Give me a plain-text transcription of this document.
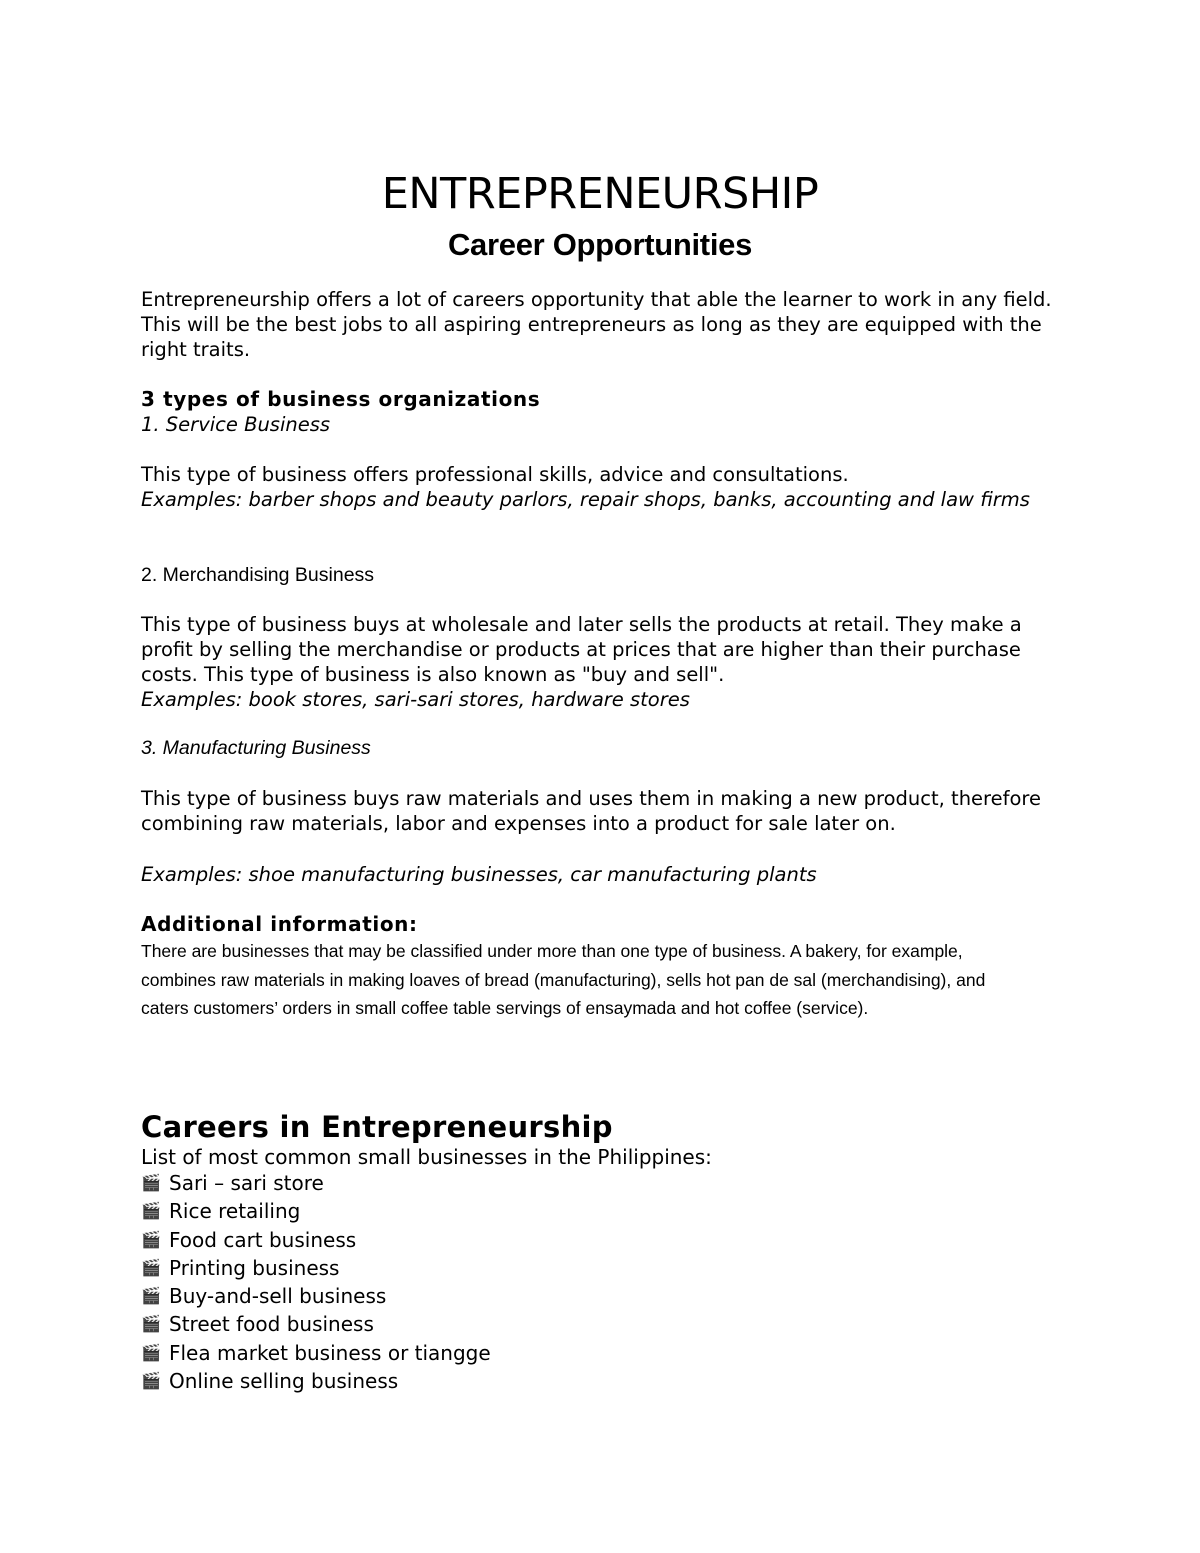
ENTREPRENEURSHIP
Career Opportunities

Entrepreneurship offers a lot of careers opportunity that able the learner to work in any field. This will be the best jobs to all aspiring entrepreneurs as long as they are equipped with the right traits.

3 types of business organizations
1. Service Business

This type of business offers professional skills, advice and consultations.

Examples: barber shops and beauty parlors, repair shops, banks, accounting and law firms

2. Merchandising Business

This type of business buys at wholesale and later sells the products at retail. They make a profit by selling the merchandise or products at prices that are higher than their purchase costs. This type of business is also known as "buy and sell".

Examples: book stores, sari-sari stores, hardware stores

3. Manufacturing Business

This type of business buys raw materials and uses them in making a new product, therefore combining raw materials, labor and expenses into a product for sale later on.

Examples: shoe manufacturing businesses, car manufacturing plants

Additional information:

There are businesses that may be classified under more than one type of business. A bakery, for example, combines raw materials in making loaves of bread (manufacturing), sells hot pan de sal (merchandising), and caters customers’ orders in small coffee table servings of ensaymada and hot coffee (service).

Careers in Entrepreneurship
List of most common small businesses in the Philippines:
🎬 Sari – sari store
🎬 Rice retailing
🎬 Food cart business
🎬 Printing business
🎬 Buy-and-sell business
🎬 Street food business
🎬 Flea market business or tiangge
🎬 Online selling business
